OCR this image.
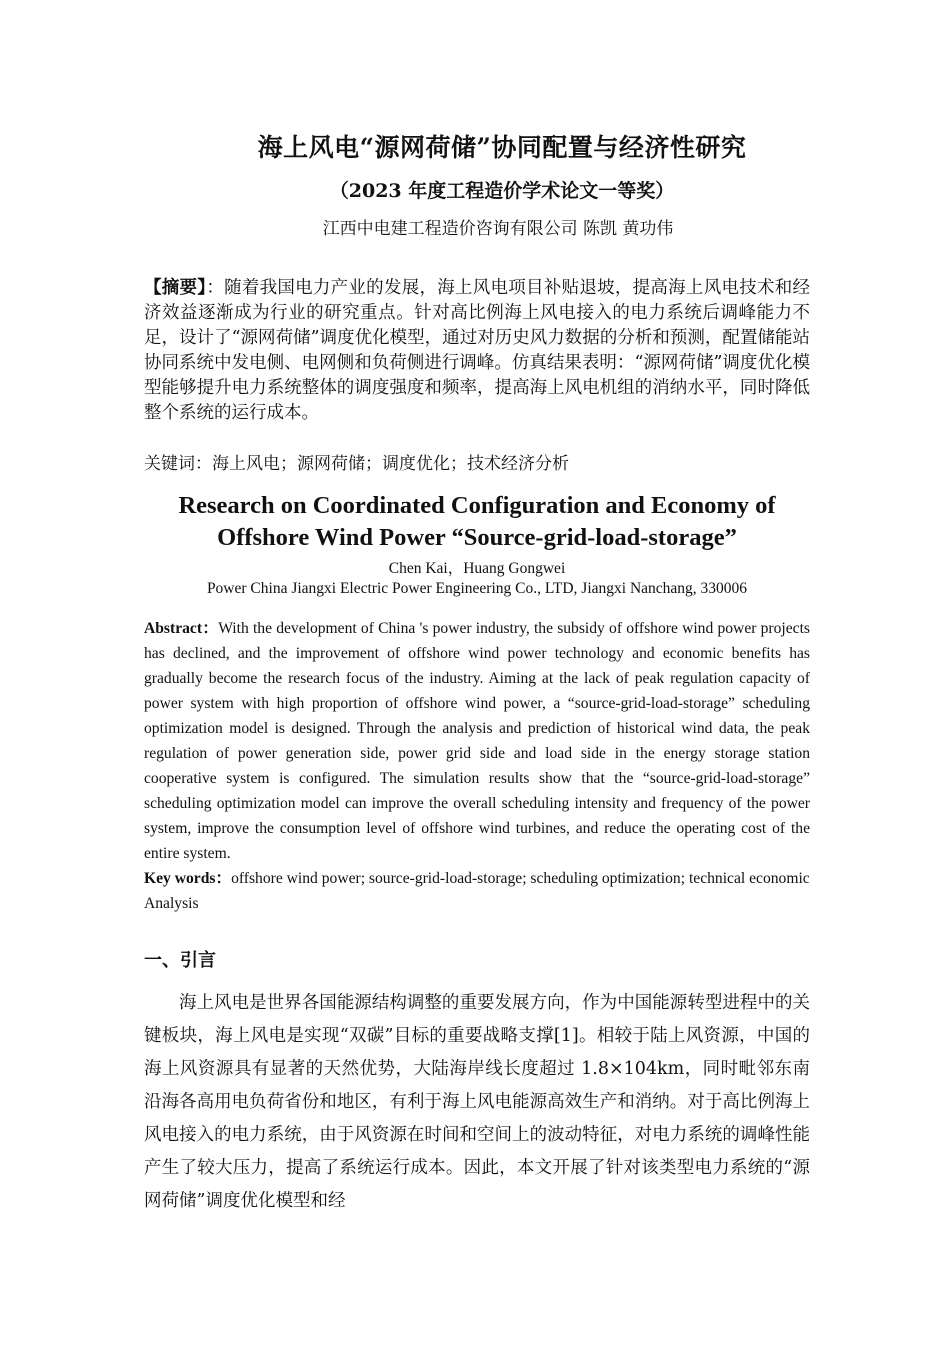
海上风电“源网荷储”协同配置与经济性研究
（2023 年度工程造价学术论文一等奖）
江西中电建工程造价咨询有限公司 陈凯 黄功伟
【摘要】：随着我国电力产业的发展，海上风电项目补贴退坡，提高海上风电技术和经济效益逐渐成为行业的研究重点。针对高比例海上风电接入的电力系统后调峰能力不足，设计了“源网荷储”调度优化模型，通过对历史风力数据的分析和预测，配置储能站协同系统中发电侧、电网侧和负荷侧进行调峰。仿真结果表明：“源网荷储”调度优化模型能够提升电力系统整体的调度强度和频率，提高海上风电机组的消纳水平，同时降低整个系统的运行成本。
关键词：海上风电；源网荷储；调度优化；技术经济分析
Research on Coordinated Configuration and Economy of
Offshore Wind Power “Source-grid-load-storage”
Chen Kai，Huang Gongwei
Power China Jiangxi Electric Power Engineering Co., LTD, Jiangxi Nanchang, 330006
Abstract：With the development of China 's power industry, the subsidy of offshore wind power projects has declined, and the improvement of offshore wind power technology and economic benefits has gradually become the research focus of the industry. Aiming at the lack of peak regulation capacity of power system with high proportion of offshore wind power, a “source-grid-load-storage” scheduling optimization model is designed. Through the analysis and prediction of historical wind data, the peak regulation of power generation side, power grid side and load side in the energy storage station cooperative system is configured. The simulation results show that the “source-grid-load-storage” scheduling optimization model can improve the overall scheduling intensity and frequency of the power system, improve the consumption level of offshore wind turbines, and reduce the operating cost of the entire system.
Key words：offshore wind power; source-grid-load-storage; scheduling optimization; technical economic Analysis
一、引言
海上风电是世界各国能源结构调整的重要发展方向，作为中国能源转型进程中的关键板块，海上风电是实现“双碳”目标的重要战略支撑[1]。相较于陆上风资源，中国的海上风资源具有显著的天然优势，大陆海岸线长度超过 1.8×104km，同时毗邻东南沿海各高用电负荷省份和地区，有利于海上风电能源高效生产和消纳。对于高比例海上风电接入的电力系统，由于风资源在时间和空间上的波动特征，对电力系统的调峰性能产生了较大压力，提高了系统运行成本。因此，本文开展了针对该类型电力系统的“源网荷储”调度优化模型和经
